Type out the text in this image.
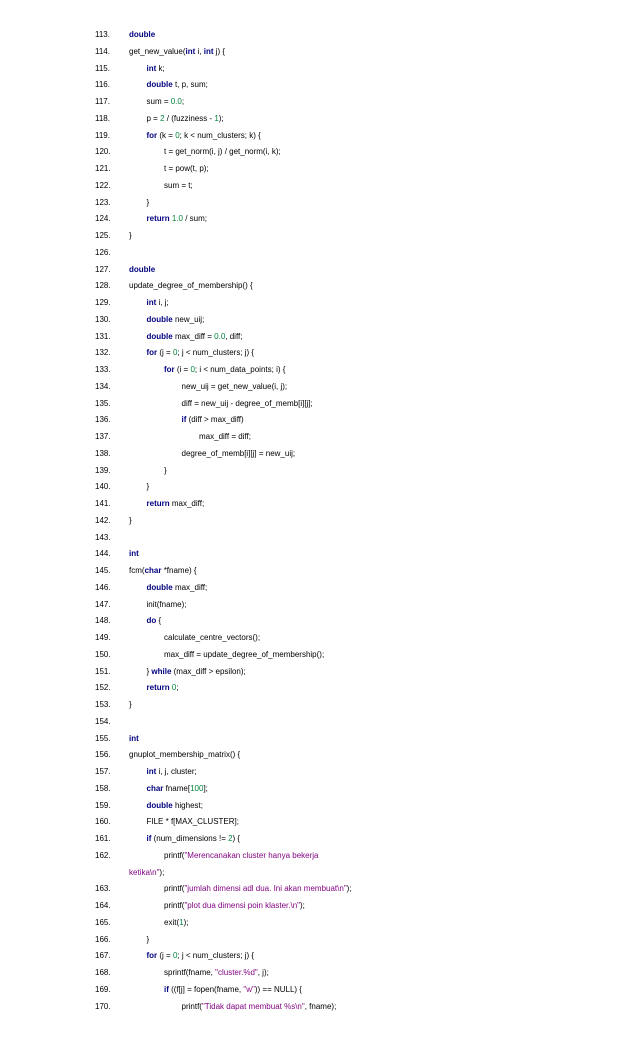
113.	double
114.	get_new_value(int i, int j) {
115.	int k;
116.	double t, p, sum;
117.	sum = 0.0;
118.	p = 2 / (fuzziness - 1);
119.	for (k = 0; k < num_clusters; k) {
120.	t = get_norm(i, j) / get_norm(i, k);
121.	t = pow(t, p);
122.	sum = t;
123.	}
124.	return 1.0 / sum;
125.	}
126.
127.	double
128.	update_degree_of_membership() {
129.	int i, j;
130.	double new_uij;
131.	double max_diff = 0.0, diff;
132.	for (j = 0; j < num_clusters; j) {
133.	for (i = 0; i < num_data_points; i) {
134.	new_uij = get_new_value(i, j);
135.	diff = new_uij - degree_of_memb[i][j];
136.	if (diff > max_diff)
137.	max_diff = diff;
138.	degree_of_memb[i][j] = new_uij;
139.	}
140.	}
141.	return max_diff;
142.	}
143.
144.	int
145.	fcm(char *fname) {
146.	double max_diff;
147.	init(fname);
148.	do {
149.	calculate_centre_vectors();
150.	max_diff = update_degree_of_membership();
151.	} while (max_diff > epsilon);
152.	return 0;
153.	}
154.
155.	int
156.	gnuplot_membership_matrix() {
157.	int i, j, cluster;
158.	char fname[100];
159.	double highest;
160.	FILE * f[MAX_CLUSTER];
161.	if (num_dimensions != 2) {
162.	printf("Merencanakan cluster hanya bekerja
ketika\n");
163.	printf("jumlah dimensi adl dua. Ini akan membuat\n");
164.	printf("plot dua dimensi poin klaster.\n");
165.	exit(1);
166.	}
167.	for (j = 0; j < num_clusters; j) {
168.	sprintf(fname, "cluster.%d", j);
169.	if ((f[j] = fopen(fname, "w")) == NULL) {
170.	printf("Tidak dapat membuat %s\n", fname);
